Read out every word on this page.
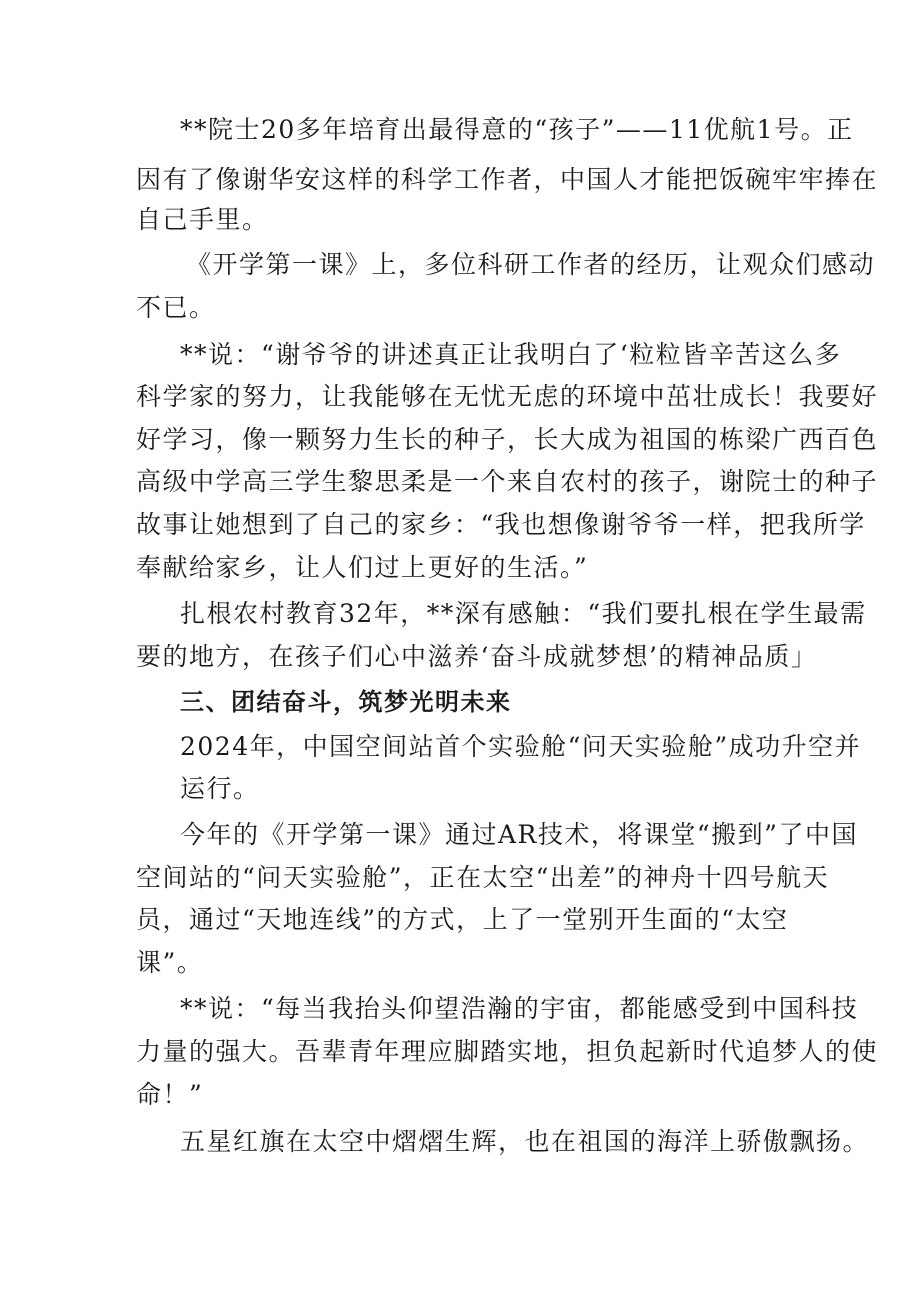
**院士20多年培育出最得意的“孩子”——11优航1号。正
因有了像谢华安这样的科学工作者，中国人才能把饭碗牢牢捧在
自己手里。
《开学第一课》上，多位科研工作者的经历，让观众们感动
不已。
**说：“谢爷爷的讲述真正让我明白了‘粒粒皆辛苦这么多
科学家的努力，让我能够在无忧无虑的环境中茁壮成长！我要好
好学习，像一颗努力生长的种子，长大成为祖国的栋梁广西百色
高级中学高三学生黎思柔是一个来自农村的孩子，谢院士的种子
故事让她想到了自己的家乡：“我也想像谢爷爷一样，把我所学
奉献给家乡，让人们过上更好的生活。”
扎根农村教育32年，**深有感触：“我们要扎根在学生最需
要的地方，在孩子们心中滋养‘奋斗成就梦想’的精神品质」
三、团结奋斗，筑梦光明未来
2024年，中国空间站首个实验舱“问天实验舱”成功升空并
运行。
今年的《开学第一课》通过AR技术，将课堂“搬到”了中国
空间站的“问天实验舱”，正在太空“出差”的神舟十四号航天
员，通过“天地连线”的方式，上了一堂别开生面的“太空
课”。
**说：“每当我抬头仰望浩瀚的宇宙，都能感受到中国科技
力量的强大。吾辈青年理应脚踏实地，担负起新时代追梦人的使
命！”
五星红旗在太空中熠熠生辉，也在祖国的海洋上骄傲飘扬。
